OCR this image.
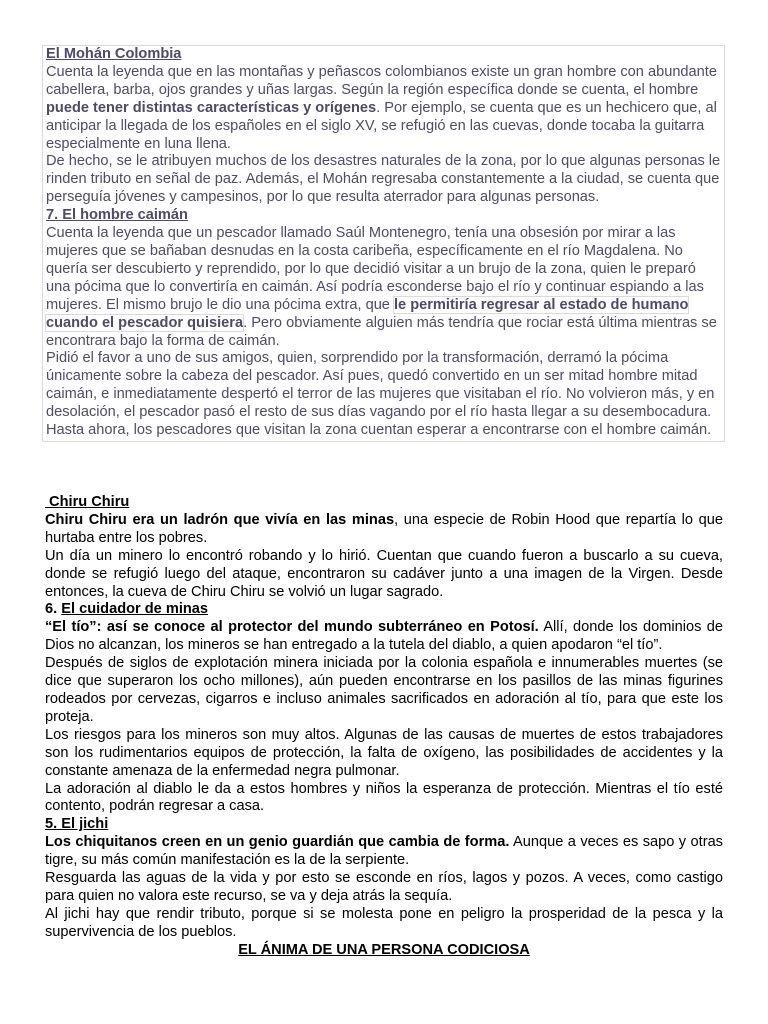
El Mohán Colombia

Cuenta la leyenda que en las montañas y peñascos colombianos existe un gran hombre con abundante cabellera, barba, ojos grandes y uñas largas. Según la región específica donde se cuenta, el hombre puede tener distintas características y orígenes. Por ejemplo, se cuenta que es un hechicero que, al anticipar la llegada de los españoles en el siglo XV, se refugió en las cuevas, donde tocaba la guitarra especialmente en luna llena.

De hecho, se le atribuyen muchos de los desastres naturales de la zona, por lo que algunas personas le rinden tributo en señal de paz. Además, el Mohán regresaba constantemente a la ciudad, se cuenta que perseguía jóvenes y campesinos, por lo que resulta aterrador para algunas personas.

7. El hombre caimán

Cuenta la leyenda que un pescador llamado Saúl Montenegro, tenía una obsesión por mirar a las mujeres que se bañaban desnudas en la costa caribeña, específicamente en el río Magdalena. No quería ser descubierto y reprendido, por lo que decidió visitar a un brujo de la zona, quien le preparó una pócima que lo convertiría en caimán. Así podría esconderse bajo el río y continuar espiando a las mujeres. El mismo brujo le dio una pócima extra, que le permitiría regresar al estado de humano cuando el pescador quisiera. Pero obviamente alguien más tendría que rociar está última mientras se encontrara bajo la forma de caimán.

Pidió el favor a uno de sus amigos, quien, sorprendido por la transformación, derramó la pócima únicamente sobre la cabeza del pescador. Así pues, quedó convertido en un ser mitad hombre mitad caimán, e inmediatamente despertó el terror de las mujeres que visitaban el río. No volvieron más, y en desolación, el pescador pasó el resto de sus días vagando por el río hasta llegar a su desembocadura. Hasta ahora, los pescadores que visitan la zona cuentan esperar a encontrarse con el hombre caimán.

Chiru Chiru

Chiru Chiru era un ladrón que vivía en las minas, una especie de Robin Hood que repartía lo que hurtaba entre los pobres.

Un día un minero lo encontró robando y lo hirió. Cuentan que cuando fueron a buscarlo a su cueva, donde se refugió luego del ataque, encontraron su cadáver junto a una imagen de la Virgen. Desde entonces, la cueva de Chiru Chiru se volvió un lugar sagrado.

6. El cuidador de minas

“El tío”: así se conoce al protector del mundo subterráneo en Potosí. Allí, donde los dominios de Dios no alcanzan, los mineros se han entregado a la tutela del diablo, a quien apodaron “el tío”.

Después de siglos de explotación minera iniciada por la colonia española e innumerables muertes (se dice que superaron los ocho millones), aún pueden encontrarse en los pasillos de las minas figurines rodeados por cervezas, cigarros e incluso animales sacrificados en adoración al tío, para que este los proteja.

Los riesgos para los mineros son muy altos. Algunas de las causas de muertes de estos trabajadores son los rudimentarios equipos de protección, la falta de oxígeno, las posibilidades de accidentes y la constante amenaza de la enfermedad negra pulmonar.

La adoración al diablo le da a estos hombres y niños la esperanza de protección. Mientras el tío esté contento, podrán regresar a casa.

5. El jichi

Los chiquitanos creen en un genio guardián que cambia de forma. Aunque a veces es sapo y otras tigre, su más común manifestación es la de la serpiente.

Resguarda las aguas de la vida y por esto se esconde en ríos, lagos y pozos. A veces, como castigo para quien no valora este recurso, se va y deja atrás la sequía.

Al jichi hay que rendir tributo, porque si se molesta pone en peligro la prosperidad de la pesca y la supervivencia de los pueblos.

EL ÁNIMA DE UNA PERSONA CODICIOSA
